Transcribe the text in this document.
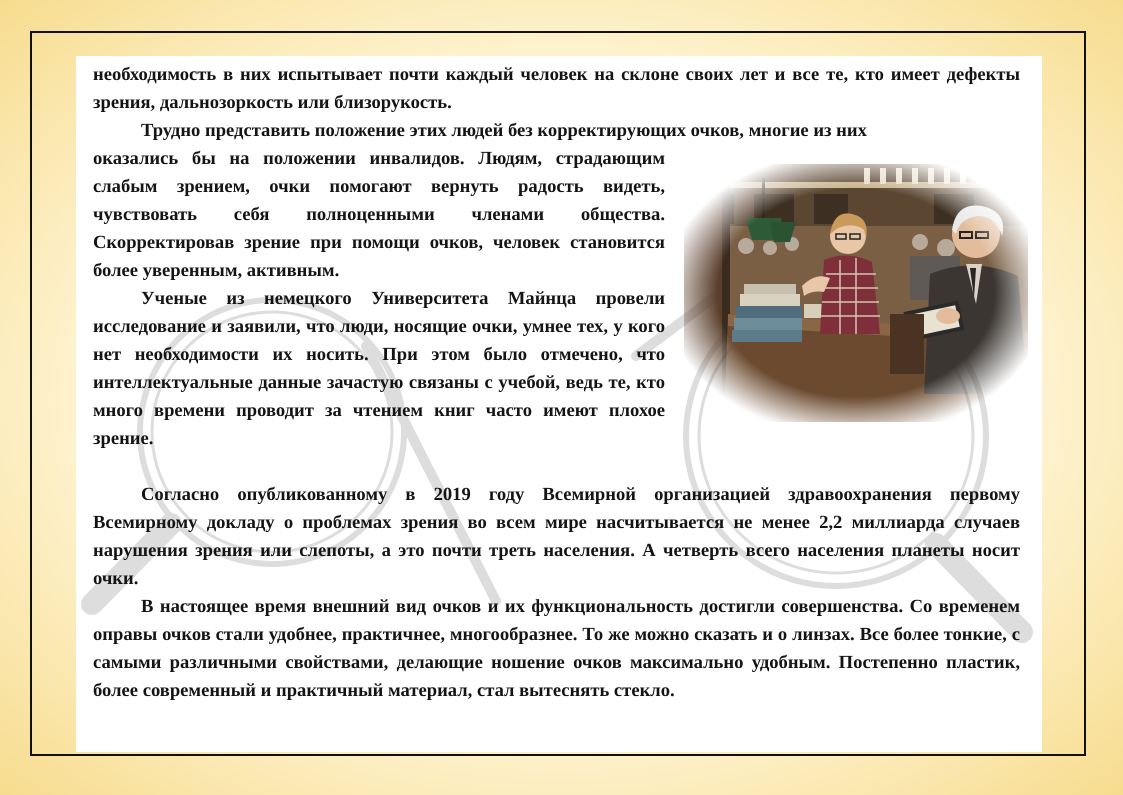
необходимость в них испытывает почти каждый человек на склоне своих лет и все те, кто имеет дефекты зрения, дальнозоркость или близорукость.

Трудно представить положение этих людей без корректирующих очков, многие из них

оказались бы на положении инвалидов. Людям, страдающим слабым зрением, очки помогают вернуть радость видеть, чувствовать себя полноценными членами общества. Скорректировав зрение при помощи очков, человек становится более уверенным, активным.

Ученые из немецкого Университета Майнца провели исследование и заявили, что люди, носящие очки, умнее тех, у кого нет необходимости их носить. При этом было отмечено, что интеллектуальные данные зачастую связаны с учебой, ведь те, кто много времени проводит за чтением книг часто имеют плохое зрение.

Согласно опубликованному в 2019 году Всемирной организацией здравоохранения первому Всемирному докладу о проблемах зрения во всем мире насчитывается не менее 2,2 миллиарда случаев нарушения зрения или слепоты, а это почти треть населения. А четверть всего населения планеты носит очки.

В настоящее время внешний вид очков и их функциональность достигли совершенства. Со временем оправы очков стали удобнее, практичнее, многообразнее. То же можно сказать и о линзах. Все более тонкие, с самыми различными свойствами, делающие ношение очков максимально удобным. Постепенно пластик, более современный и практичный материал, стал вытеснять стекло.
